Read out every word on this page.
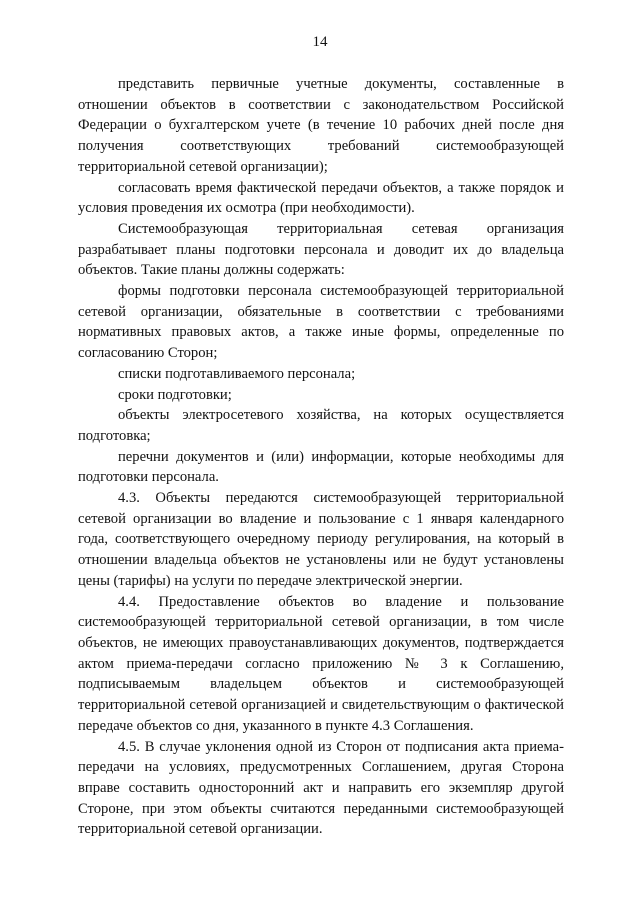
14

представить первичные учетные документы, составленные в отношении объектов в соответствии с законодательством Российской Федерации о бухгалтерском учете (в течение 10 рабочих дней после дня получения соответствующих требований системообразующей территориальной сетевой организации);

согласовать время фактической передачи объектов, а также порядок и условия проведения их осмотра (при необходимости).

Системообразующая территориальная сетевая организация разрабатывает планы подготовки персонала и доводит их до владельца объектов. Такие планы должны содержать:

формы подготовки персонала системообразующей территориальной сетевой организации, обязательные в соответствии с требованиями нормативных правовых актов, а также иные формы, определенные по согласованию Сторон;

списки подготавливаемого персонала;

сроки подготовки;

объекты электросетевого хозяйства, на которых осуществляется подготовка;

перечни документов и (или) информации, которые необходимы для подготовки персонала.

4.3. Объекты передаются системообразующей территориальной сетевой организации во владение и пользование с 1 января календарного года, соответствующего очередному периоду регулирования, на который в отношении владельца объектов не установлены или не будут установлены цены (тарифы) на услуги по передаче электрической энергии.

4.4. Предоставление объектов во владение и пользование системообразующей территориальной сетевой организации, в том числе объектов, не имеющих правоустанавливающих документов, подтверждается актом приема-передачи согласно приложению № 3 к Соглашению, подписываемым владельцем объектов и системообразующей территориальной сетевой организацией и свидетельствующим о фактической передаче объектов со дня, указанного в пункте 4.3 Соглашения.

4.5. В случае уклонения одной из Сторон от подписания акта приема-передачи на условиях, предусмотренных Соглашением, другая Сторона вправе составить односторонний акт и направить его экземпляр другой Стороне, при этом объекты считаются переданными системообразующей территориальной сетевой организации.
